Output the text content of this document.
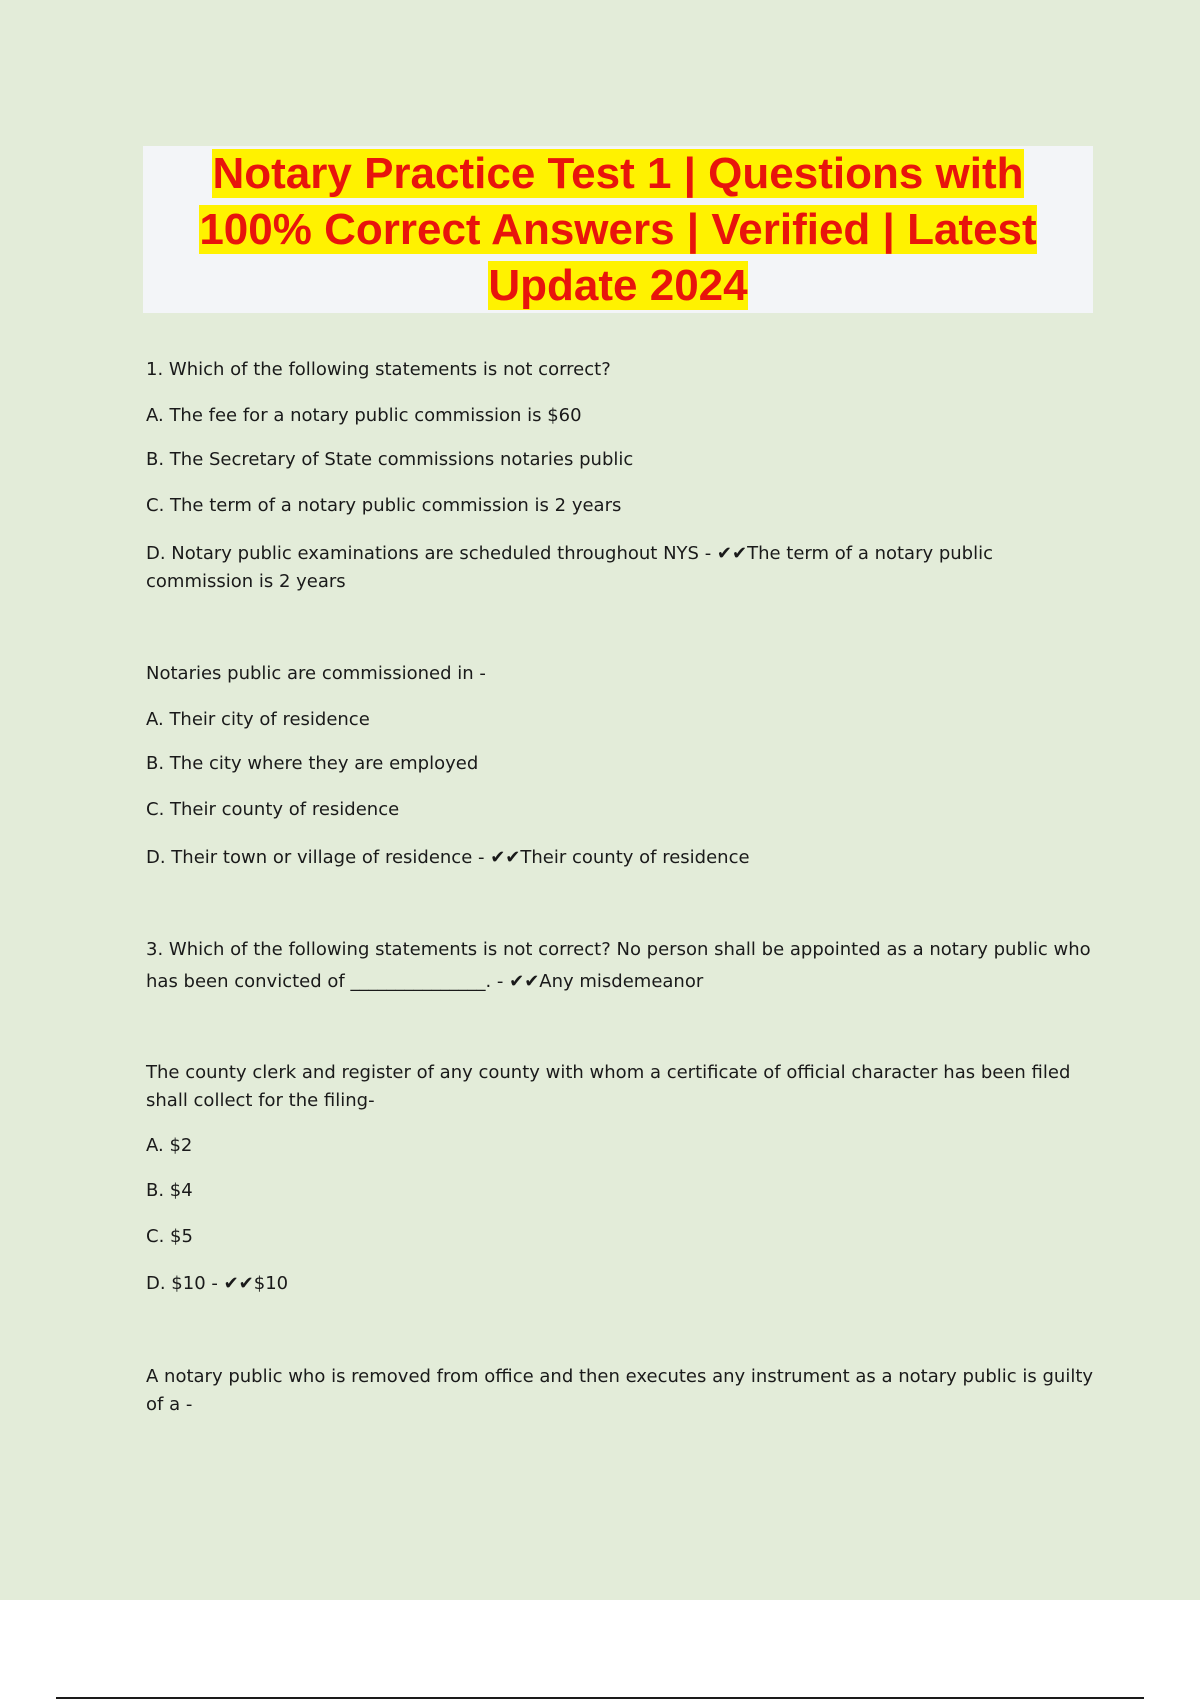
Notary Practice Test 1 | Questions with
100% Correct Answers | Verified | Latest
Update 2024
1. Which of the following statements is not correct?
A. The fee for a notary public commission is $60
B. The Secretary of State commissions notaries public
C. The term of a notary public commission is 2 years
D. Notary public examinations are scheduled throughout NYS - ✔✔The term of a notary public
commission is 2 years
Notaries public are commissioned in -
A. Their city of residence
B. The city where they are employed
C. Their county of residence
D. Their town or village of residence - ✔✔Their county of residence
3. Which of the following statements is not correct? No person shall be appointed as a notary public who
has been convicted of _______________. - ✔✔Any misdemeanor
The county clerk and register of any county with whom a certificate of official character has been filed
shall collect for the filing-
A. $2
B. $4
C. $5
D. $10 - ✔✔$10
A notary public who is removed from office and then executes any instrument as a notary public is guilty
of a -
